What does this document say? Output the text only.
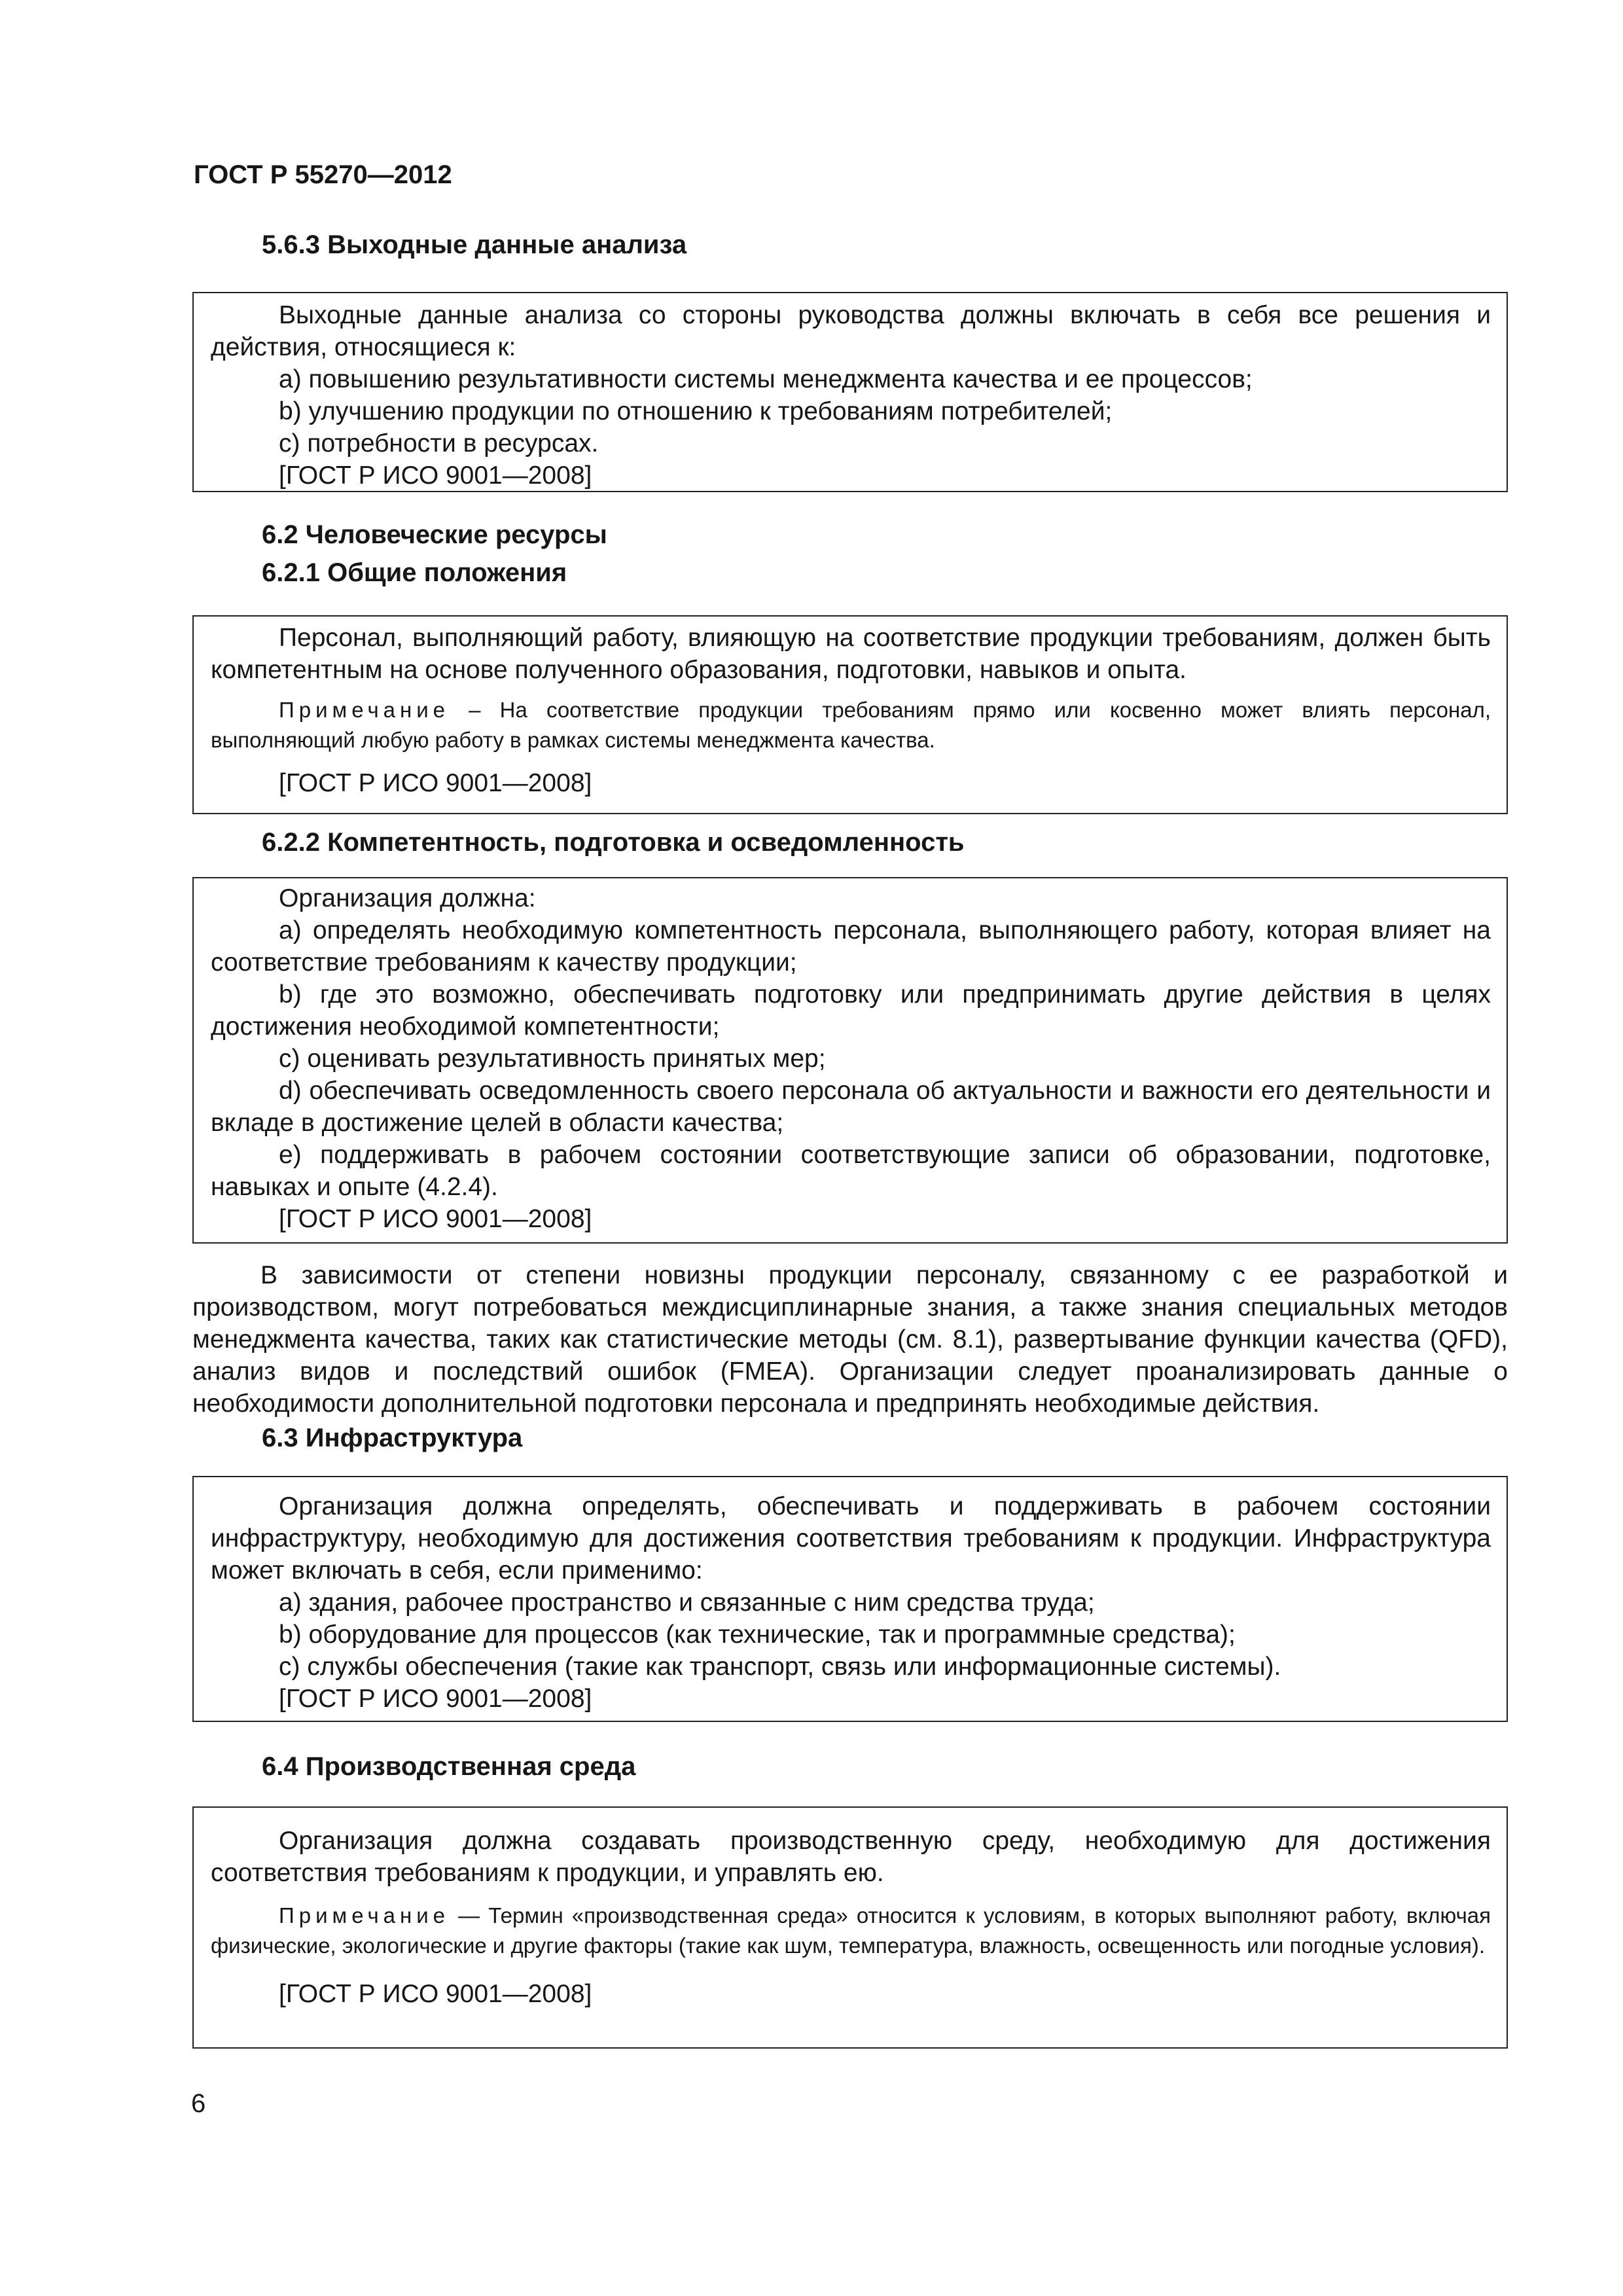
ГОСТ Р 55270—2012
5.6.3 Выходные данные анализа

Выходные данные анализа со стороны руководства должны включать в себя все решения и действия, относящиеся к:

a) повышению результативности системы менеджмента качества и ее процессов;

b) улучшению продукции по отношению к требованиям потребителей;

c) потребности в ресурсах.

[ГОСТ Р ИСО 9001—2008]

6.2 Человеческие ресурсы
6.2.1 Общие положения

Персонал, выполняющий работу, влияющую на соответствие продукции требованиям, должен быть компетентным на основе полученного образования, подготовки, навыков и опыта.

Примечание – На соответствие продукции требованиям прямо или косвенно может влиять персонал, выполняющий любую работу в рамках системы менеджмента качества.

[ГОСТ Р ИСО 9001—2008]

6.2.2 Компетентность, подготовка и осведомленность

Организация должна:

a) определять необходимую компетентность персонала, выполняющего работу, которая влияет на соответствие требованиям к качеству продукции;

b) где это возможно, обеспечивать подготовку или предпринимать другие действия в целях достижения необходимой компетентности;

c) оценивать результативность принятых мер;

d) обеспечивать осведомленность своего персонала об актуальности и важности его деятельности и вкладе в достижение целей в области качества;

e) поддерживать в рабочем состоянии соответствующие записи об образовании, подготовке, навыках и опыте (4.2.4).

[ГОСТ Р ИСО 9001—2008]

В зависимости от степени новизны продукции персоналу, связанному с ее разработкой и производством, могут потребоваться междисциплинарные знания, а также знания специальных методов менеджмента качества, таких как статистические методы (см. 8.1), развертывание функции качества (QFD), анализ видов и последствий ошибок (FMEA). Организации следует проанализировать данные о необходимости дополнительной подготовки персонала и предпринять необходимые действия.

6.3 Инфраструктура

Организация должна определять, обеспечивать и поддерживать в рабочем состоянии инфраструктуру, необходимую для достижения соответствия требованиям к продукции. Инфраструктура может включать в себя, если применимо:

a) здания, рабочее пространство и связанные с ним средства труда;

b) оборудование для процессов (как технические, так и программные средства);

c) службы обеспечения (такие как транспорт, связь или информационные системы).

[ГОСТ Р ИСО 9001—2008]

6.4 Производственная среда

Организация должна создавать производственную среду, необходимую для достижения соответствия требованиям к продукции, и управлять ею.

Примечание — Термин «производственная среда» относится к условиям, в которых выполняют работу, включая физические, экологические и другие факторы (такие как шум, температура, влажность, освещенность или погодные условия).

[ГОСТ Р ИСО 9001—2008]

6
